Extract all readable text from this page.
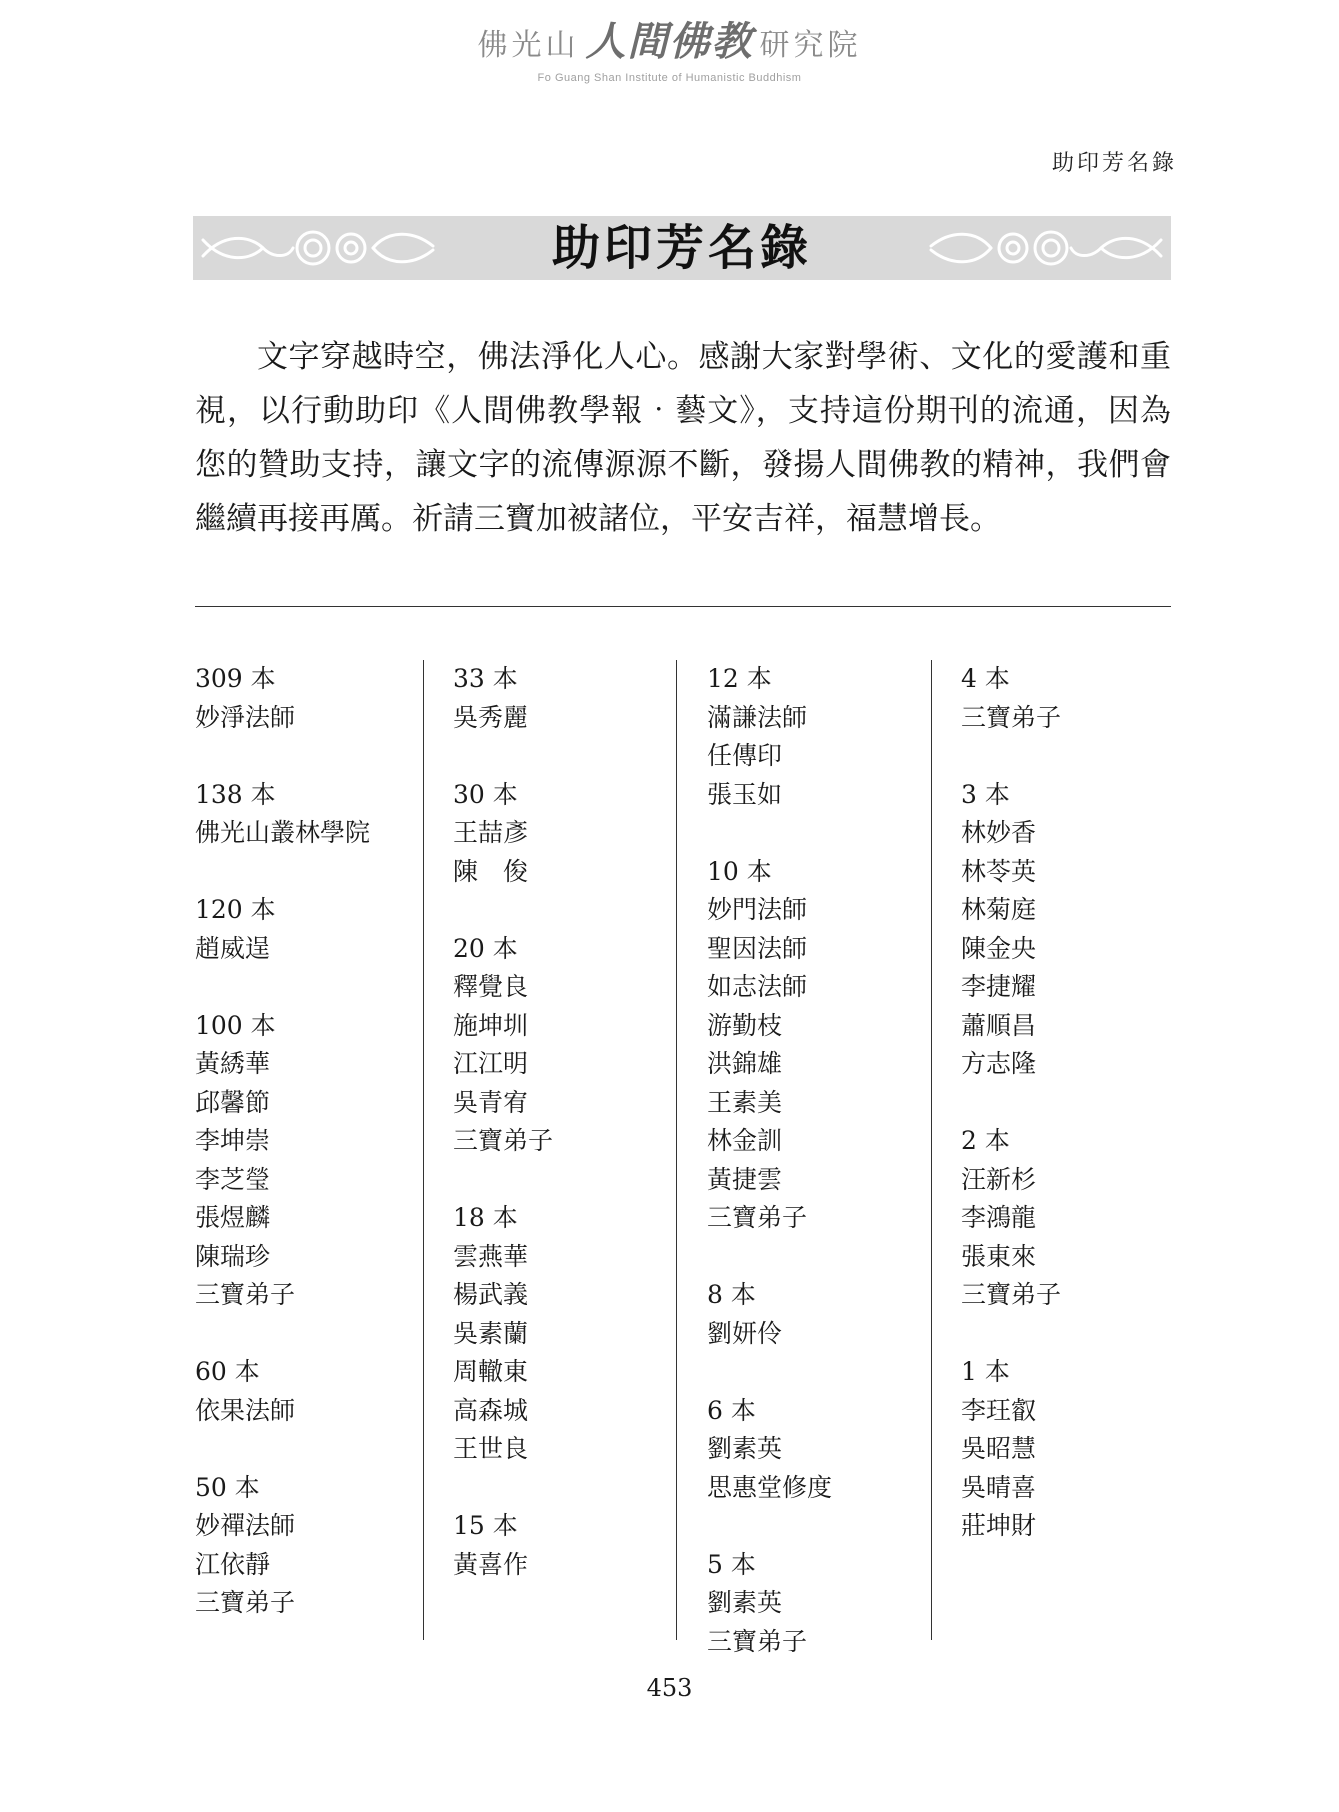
佛光山 人間佛教 研究院
Fo Guang Shan Institute of Humanistic Buddhism
助印芳名錄
助印芳名錄
文字穿越時空，佛法淨化人心。感謝大家對學術、文化的愛護和重視，以行動助印《人間佛教學報‧藝文》，支持這份期刊的流通，因為您的贊助支持，讓文字的流傳源源不斷，發揚人間佛教的精神，我們會繼續再接再厲。祈請三寶加被諸位，平安吉祥，福慧增長。
309 本
妙淨法師
138 本
佛光山叢林學院
120 本
趙威逞
100 本
黃綉華
邱馨節
李坤崇
李芝瑩
張煜麟
陳瑞珍
三寶弟子
60 本
依果法師
50 本
妙禪法師
江依靜
三寶弟子
33 本
吳秀麗
30 本
王喆彥
陳　俊
20 本
釋覺良
施坤圳
江江明
吳青宥
三寶弟子
18 本
雲燕華
楊武義
吳素蘭
周轍東
高森城
王世良
15 本
黃喜作
12 本
滿謙法師
任傳印
張玉如
10 本
妙門法師
聖因法師
如志法師
游勤枝
洪錦雄
王素美
林金訓
黃捷雲
三寶弟子
8 本
劉妍伶
6 本
劉素英
思惠堂修度
5 本
劉素英
三寶弟子
4 本
三寶弟子
3 本
林妙香
林苓英
林菊庭
陳金央
李捷耀
蕭順昌
方志隆
2 本
汪新杉
李鴻龍
張東來
三寶弟子
1 本
李玨叡
吳昭慧
吳晴喜
莊坤財
453
